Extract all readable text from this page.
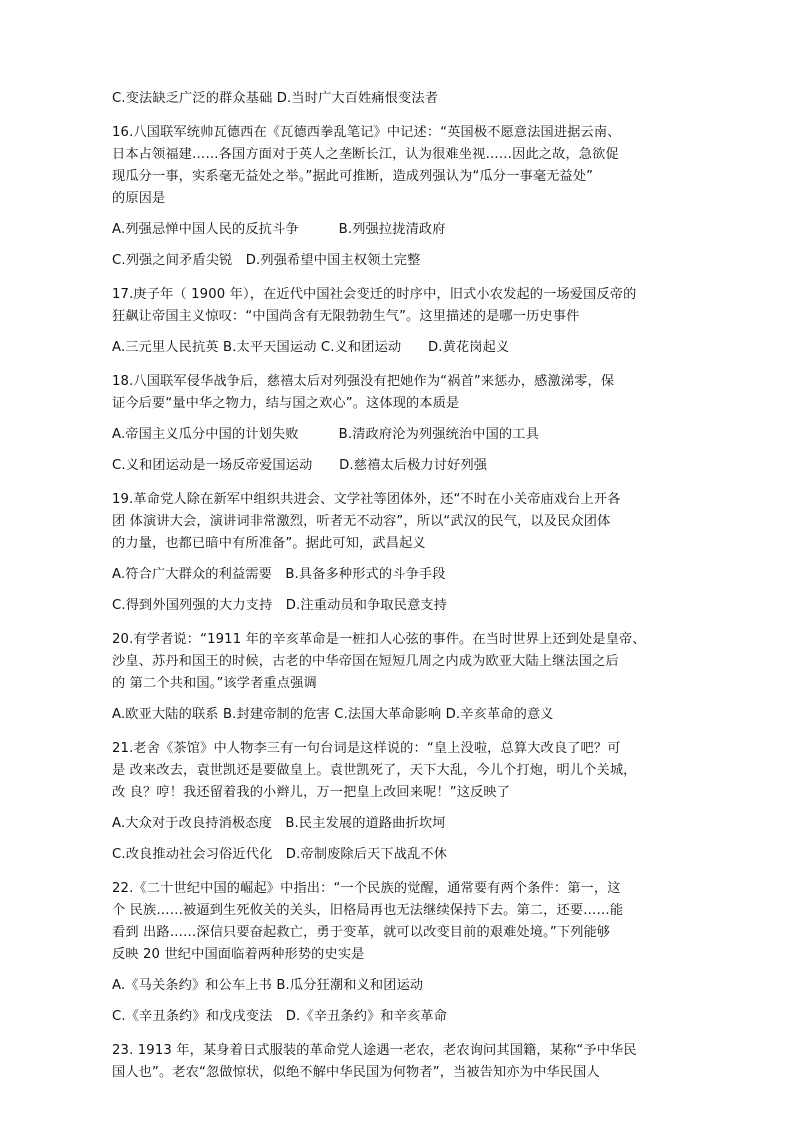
C.变法缺乏广泛的群众基础 D.当时广大百姓痛恨变法者
16.八国联军统帅瓦德西在《瓦德西拳乱笔记》中记述：“英国极不愿意法国进据云南、
日本占领福建……各国方面对于英人之垄断长江，认为很难坐视……因此之故，急欲促
现瓜分一事，实系毫无益处之举。”据此可推断，造成列强认为“瓜分一事毫无益处”
的原因是
A.列强忌惮中国人民的反抗斗争　　　B.列强拉拢清政府
C.列强之间矛盾尖锐　D.列强希望中国主权领土完整
17.庚子年（ 1900 年），在近代中国社会变迁的时序中，旧式小农发起的一场爱国反帝的
狂飙让帝国主义惊叹：“中国尚含有无限勃勃生气”。这里描述的是哪一历史事件
A.三元里人民抗英 B.太平天国运动 C.义和团运动　　D.黄花岗起义
18.八国联军侵华战争后，慈禧太后对列强没有把她作为“祸首”来惩办，感激涕零，保
证今后要“量中华之物力，结与国之欢心”。这体现的本质是
A.帝国主义瓜分中国的计划失败　　　B.清政府沦为列强统治中国的工具
C.义和团运动是一场反帝爱国运动　　D.慈禧太后极力讨好列强
19.革命党人除在新军中组织共进会、文学社等团体外，还“不时在小关帝庙戏台上开各
团 体演讲大会，演讲词非常激烈，听者无不动容”，所以“武汉的民气，以及民众团体
的力量，也都已暗中有所准备”。据此可知，武昌起义
A.符合广大群众的利益需要　B.具备多种形式的斗争手段
C.得到外国列强的大力支持　D.注重动员和争取民意支持
20.有学者说：“1911 年的辛亥革命是一桩扣人心弦的事件。在当时世界上还到处是皇帝、
沙皇、苏丹和国王的时候，古老的中华帝国在短短几周之内成为欧亚大陆上继法国之后
的 第二个共和国。”该学者重点强调
A.欧亚大陆的联系 B.封建帝制的危害 C.法国大革命影响 D.辛亥革命的意义
21.老舍《茶馆》中人物李三有一句台词是这样说的：“皇上没啦，总算大改良了吧？可
是 改来改去，袁世凯还是要做皇上。袁世凯死了，天下大乱，今儿个打炮，明儿个关城，
改 良？哼！我还留着我的小辫儿，万一把皇上改回来呢！”这反映了
A.大众对于改良持消极态度　B.民主发展的道路曲折坎坷
C.改良推动社会习俗近代化　D.帝制废除后天下战乱不休
22.《二十世纪中国的崛起》中指出：“一个民族的觉醒，通常要有两个条件：第一，这
个 民族……被逼到生死攸关的关头，旧格局再也无法继续保持下去。第二，还要……能
看到 出路……深信只要奋起救亡，勇于变革，就可以改变目前的艰难处境。”下列能够
反映 20 世纪中国面临着两种形势的史实是
A.《马关条约》和公车上书 B.瓜分狂潮和义和团运动
C.《辛丑条约》和戊戌变法　D.《辛丑条约》和辛亥革命
23. 1913 年，某身着日式服装的革命党人途遇一老农，老农询问其国籍，某称“予中华民
国人也”。老农“忽做惊状，似绝不解中华民国为何物者”，当被告知亦为中华民国人
